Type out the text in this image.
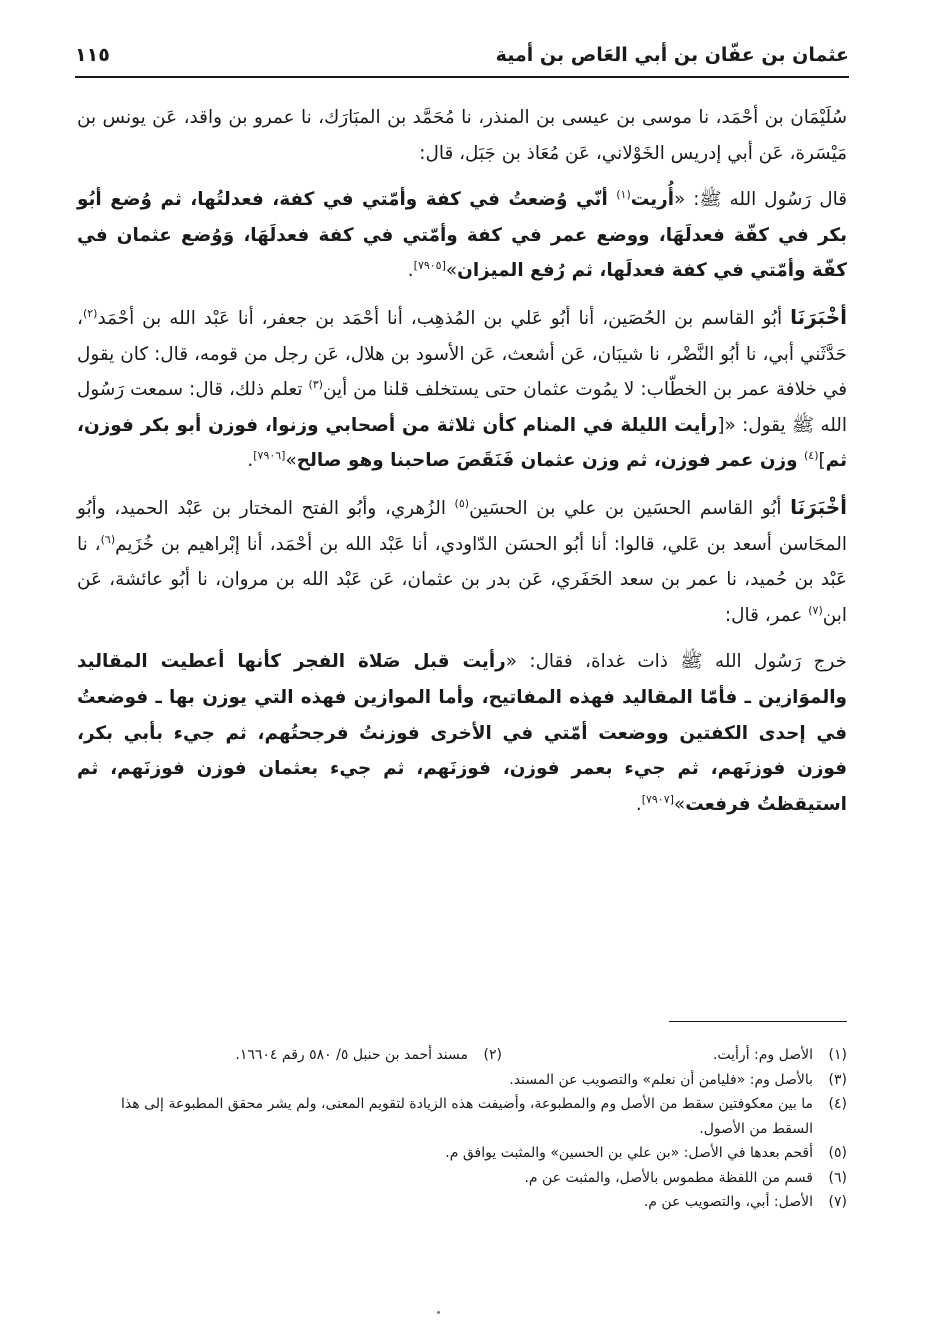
عثمان بن عفّان بن أبي العَاص بن أمية
١١٥
سُلَيْمَان بن أحْمَد، نا موسى بن عيسى بن المنذر، نا مُحَمَّد بن المبَارَك، نا عمرو بن واقد، عَن يونس بن مَيْسَرة، عَن أبي إدريس الخَوْلاني، عَن مُعَاذ بن جَبَل، قال:
قال رَسُول الله ﷺ: «أُريت$^{(١)}$ أنّي وُضعتُ في كفة وأمّتي في كفة، فعدلتُها، ثم وُضع أبُو بكر في كفّة فعدلَهَا، ووضع عمر في كفة وأمّتي في كفة فعدلَهَا، وَوُضع عثمان في كفّة وأمّتي في كفة فعدلَها، ثم رُفع الميزان»[٧٩٠٥].
أخْبَرَنَا أبُو القاسم بن الحُصَين، أنا أبُو عَلي بن المُذهِب، أنا أحْمَد بن جعفر، أنا عَبْد الله بن أحْمَد$^{(٢)}$، حَدَّثَني أبي، نا أبُو النَّضْر، نا شيبَان، عَن أشعث، عَن الأسود بن هلال، عَن رجل من قومه، قال: كان يقول في خلافة عمر بن الخطّاب: لا يمُوت عثمان حتى يستخلف قلنا من أين$^{(٣)}$ تعلم ذلك، قال: سمعت رَسُول الله ﷺ يقول: «[رأيت الليلة في المنام كأن ثلاثة من أصحابي وزنوا، فوزن أبو بكر فوزن، ثم]$^{(٤)}$ وزن عمر فوزن، ثم وزن عثمان فَنَقَصَ صاحبنا وهو صالح»[٧٩٠٦].
أخْبَرَنَا أبُو القاسم الحسَين بن علي بن الحسَين$^{(٥)}$ الزُهري، وأبُو الفتح المختار بن عَبْد الحميد، وأبُو المحَاسن أسعد بن عَلي، قالوا: أنا أبُو الحسَن الدّاودي، أنا عَبْد الله بن أحْمَد، أنا إبْراهيم بن خُزَيم$^{(٦)}$، نا عَبْد بن حُميد، نا عمر بن سعد الحَفَري، عَن بدر بن عثمان، عَن عَبْد الله بن مروان، نا أبُو عائشة، عَن ابن$^{(٧)}$ عمر، قال:
خرج رَسُول الله ﷺ ذات غداة، فقال: «رأيت قبل صَلاة الفجر كأنها أعطيت المقاليد والموَازين ـ فأمّا المقاليد فهذه المفاتيح، وأما الموازين فهذه التي يوزن بها ـ فوضعتُ في إحدى الكفتين ووضعت أمّتي في الأخرى فوزنتُ فرجحتُهم، ثم جيء بأبي بكر، فوزن فوزنَهم، ثم جيء بعمر فوزن، فوزنَهم، ثم جيء بعثمان فوزن فوزنَهم، ثم استيقظتُ فرفعت»[٧٩٠٧].
(١)
الأصل وم: أرأيت.
(٢)
مسند أحمد بن حنبل ٥/ ٥٨٠ رقم ١٦٦٠٤.
(٣)
بالأصل وم: «فليامن أن نعلم» والتصويب عن المسند.
(٤)
ما بين معكوفتين سقط من الأصل وم والمطبوعة، وأضيفت هذه الزيادة لتقويم المعنى، ولم يشر محقق المطبوعة إلى هذا السقط من الأصول.
(٥)
أقحم بعدها في الأصل: «بن علي بن الحسين» والمثبت يوافق م.
(٦)
قسم من اللفظة مطموس بالأصل، والمثبت عن م.
(٧)
الأصل: أبي، والتصويب عن م.
